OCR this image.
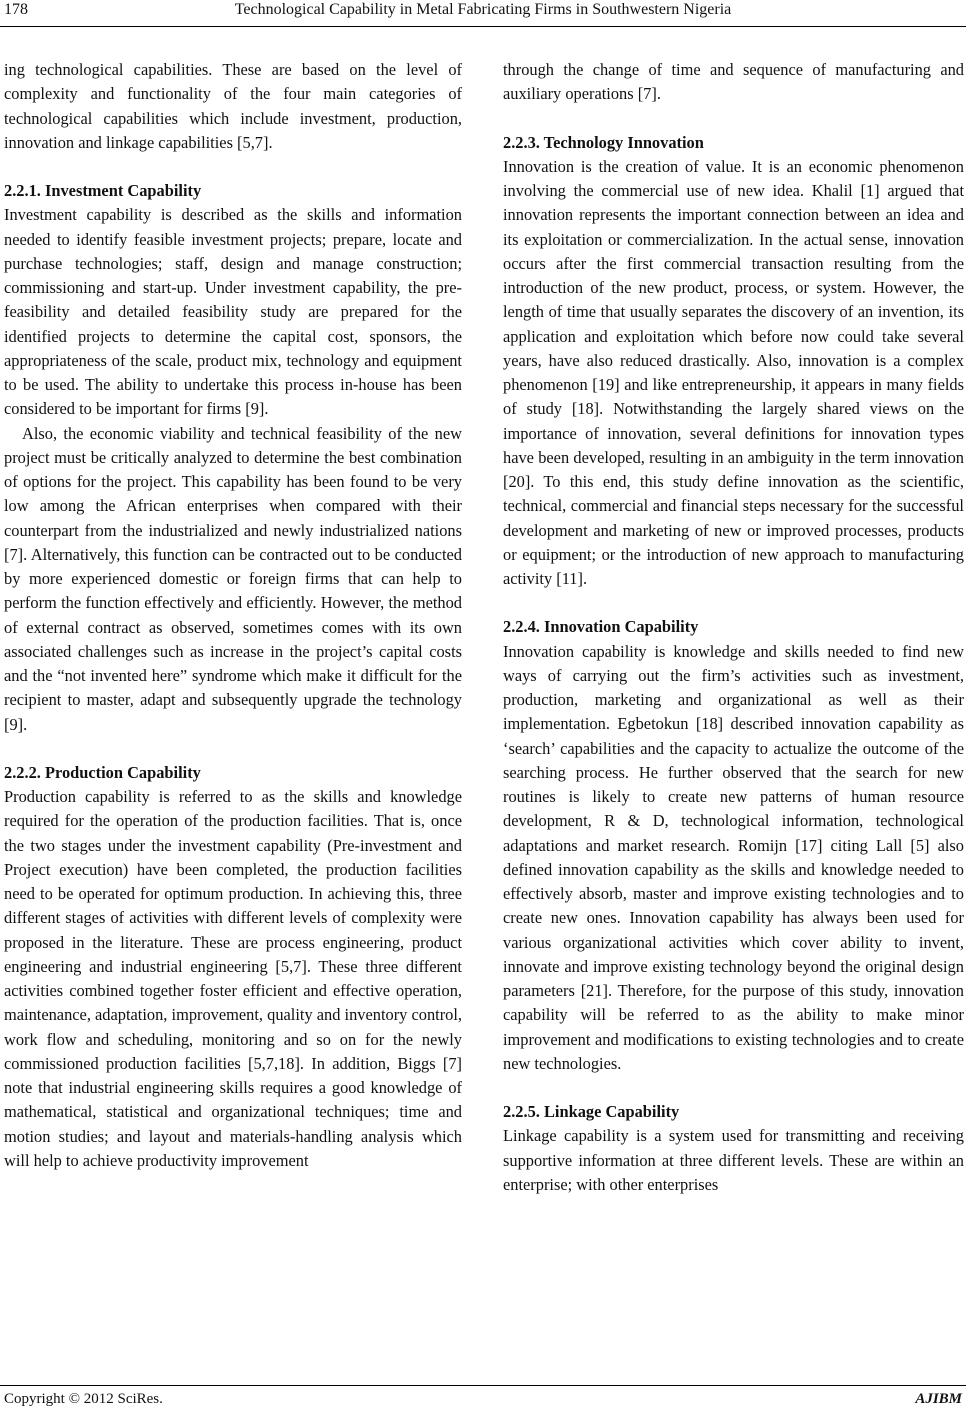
178	Technological Capability in Metal Fabricating Firms in Southwestern Nigeria

ing technological capabilities. These are based on the level of complexity and functionality of the four main categories of technological capabilities which include investment, production, innovation and linkage capabilities [5,7].

2.2.1. Investment Capability

Investment capability is described as the skills and information needed to identify feasible investment projects; prepare, locate and purchase technologies; staff, design and manage construction; commissioning and start-up. Under investment capability, the pre-feasibility and detailed feasibility study are prepared for the identified projects to determine the capital cost, sponsors, the appropriateness of the scale, product mix, technology and equipment to be used. The ability to undertake this process in-house has been considered to be important for firms [9].

Also, the economic viability and technical feasibility of the new project must be critically analyzed to determine the best combination of options for the project. This capability has been found to be very low among the African enterprises when compared with their counterpart from the industrialized and newly industrialized nations [7]. Alternatively, this function can be contracted out to be conducted by more experienced domestic or foreign firms that can help to perform the function effectively and efficiently. However, the method of external contract as observed, sometimes comes with its own associated challenges such as increase in the project’s capital costs and the “not invented here” syndrome which make it difficult for the recipient to master, adapt and subsequently upgrade the technology [9].

2.2.2. Production Capability

Production capability is referred to as the skills and knowledge required for the operation of the production facilities. That is, once the two stages under the investment capability (Pre-investment and Project execution) have been completed, the production facilities need to be operated for optimum production. In achieving this, three different stages of activities with different levels of complexity were proposed in the literature. These are process engineering, product engineering and industrial engineering [5,7]. These three different activities combined together foster efficient and effective operation, maintenance, adaptation, improvement, quality and inventory control, work flow and scheduling, monitoring and so on for the newly commissioned production facilities [5,7,18]. In addition, Biggs [7] note that industrial engineering skills requires a good knowledge of mathematical, statistical and organizational techniques; time and motion studies; and layout and materials-handling analysis which will help to achieve productivity improvement

through the change of time and sequence of manufacturing and auxiliary operations [7].

2.2.3. Technology Innovation

Innovation is the creation of value. It is an economic phenomenon involving the commercial use of new idea. Khalil [1] argued that innovation represents the important connection between an idea and its exploitation or commercialization. In the actual sense, innovation occurs after the first commercial transaction resulting from the introduction of the new product, process, or system. However, the length of time that usually separates the discovery of an invention, its application and exploitation which before now could take several years, have also reduced drastically. Also, innovation is a complex phenomenon [19] and like entrepreneurship, it appears in many fields of study [18]. Notwithstanding the largely shared views on the importance of innovation, several definitions for innovation types have been developed, resulting in an ambiguity in the term innovation [20]. To this end, this study define innovation as the scientific, technical, commercial and financial steps necessary for the successful development and marketing of new or improved processes, products or equipment; or the introduction of new approach to manufacturing activity [11].

2.2.4. Innovation Capability

Innovation capability is knowledge and skills needed to find new ways of carrying out the firm’s activities such as investment, production, marketing and organizational as well as their implementation. Egbetokun [18] described innovation capability as ‘search’ capabilities and the capacity to actualize the outcome of the searching process. He further observed that the search for new routines is likely to create new patterns of human resource development, R & D, technological information, technological adaptations and market research. Romijn [17] citing Lall [5] also defined innovation capability as the skills and knowledge needed to effectively absorb, master and improve existing technologies and to create new ones. Innovation capability has always been used for various organizational activities which cover ability to invent, innovate and improve existing technology beyond the original design parameters [21]. Therefore, for the purpose of this study, innovation capability will be referred to as the ability to make minor improvement and modifications to existing technologies and to create new technologies.

2.2.5. Linkage Capability

Linkage capability is a system used for transmitting and receiving supportive information at three different levels. These are within an enterprise; with other enterprises

Copyright © 2012 SciRes.	AJIBM
